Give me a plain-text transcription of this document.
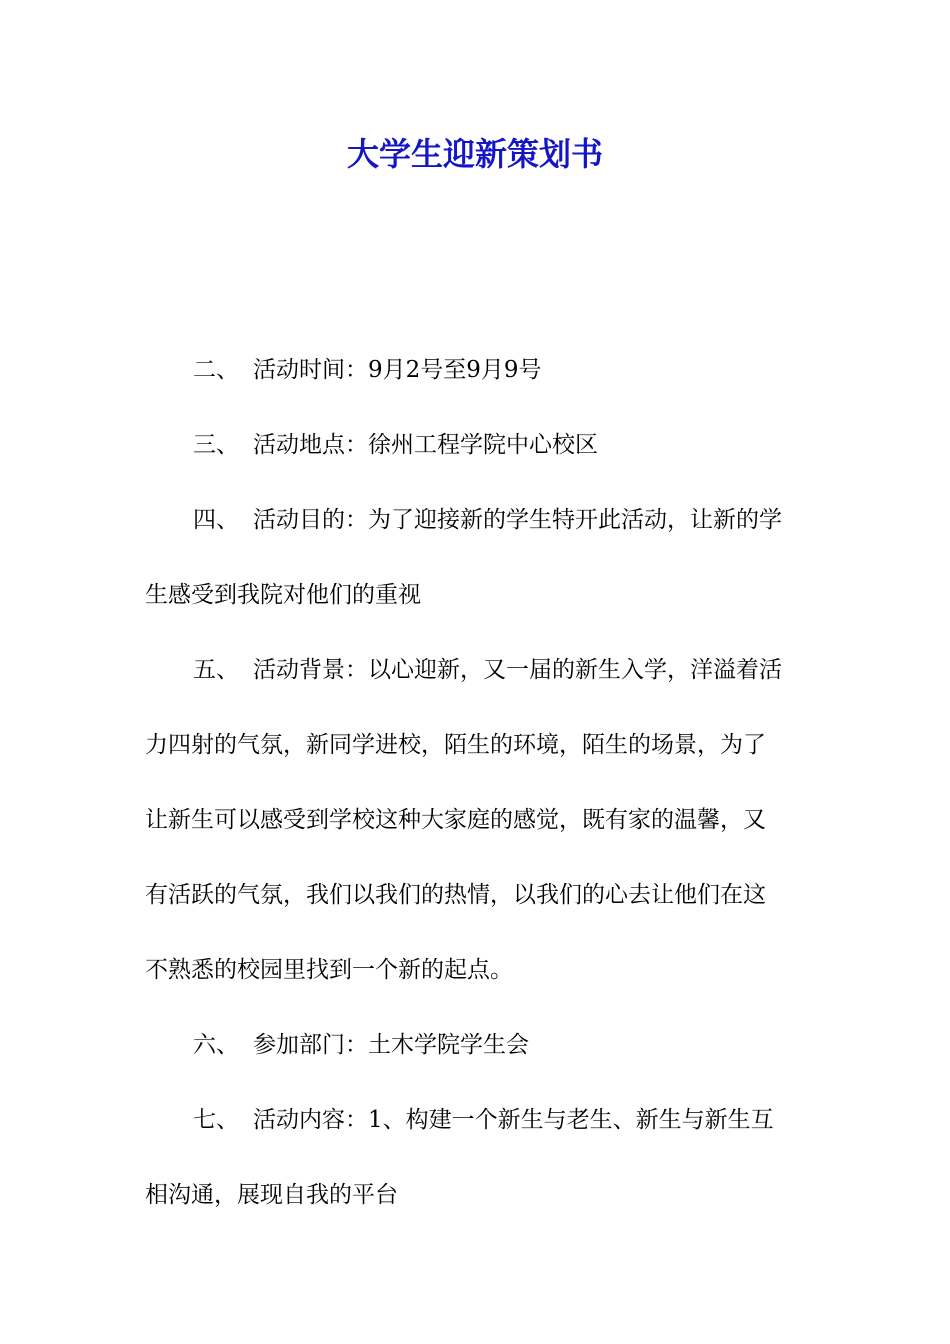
大学生迎新策划书

二、 活动时间：9月2号至9月9号

三、 活动地点：徐州工程学院中心校区

四、 活动目的：为了迎接新的学生特开此活动，让新的学
生感受到我院对他们的重视

五、 活动背景：以心迎新，又一届的新生入学，洋溢着活
力四射的气氛，新同学进校，陌生的环境，陌生的场景，为了
让新生可以感受到学校这种大家庭的感觉，既有家的温馨，又
有活跃的气氛，我们以我们的热情，以我们的心去让他们在这
不熟悉的校园里找到一个新的起点。

六、 参加部门：土木学院学生会

七、 活动内容：1、构建一个新生与老生、新生与新生互
相沟通，展现自我的平台
